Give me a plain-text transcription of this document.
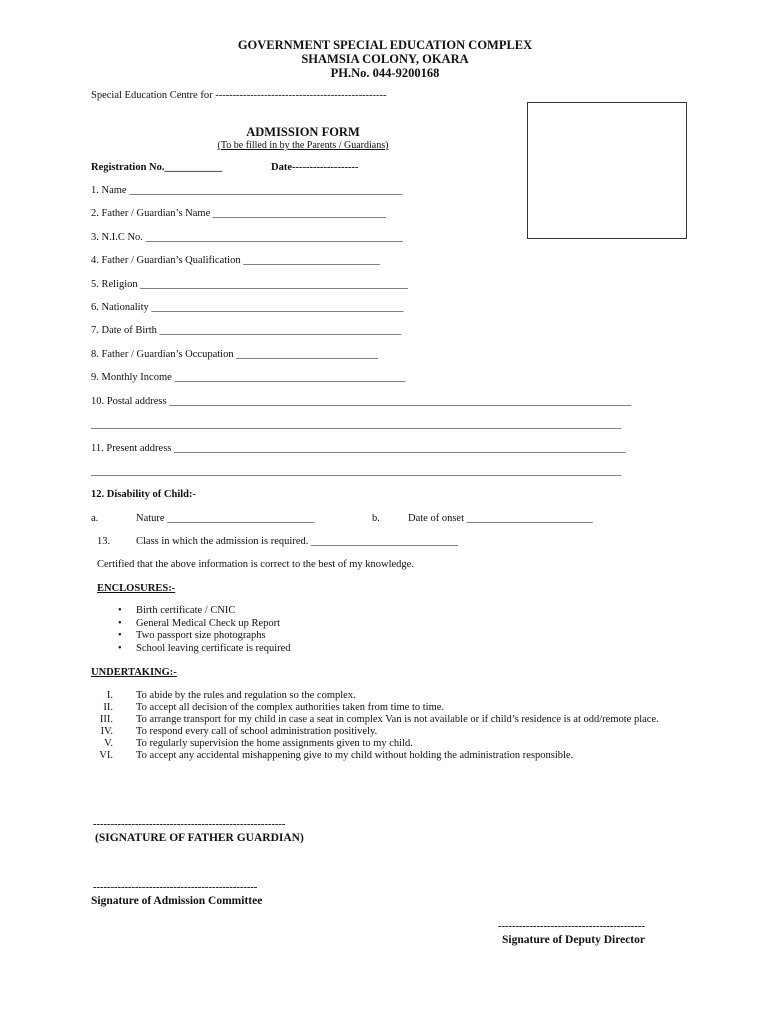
GOVERNMENT SPECIAL EDUCATION COMPLEX
SHAMSIA COLONY, OKARA
PH.No. 044-9200168
Special Education Centre for -------------------------------------------------
ADMISSION FORM
(To be filled in by the Parents / Guardians)
Registration No.___________	Date-------------------
1. Name ____________________________________________________
2. Father / Guardian’s Name _________________________________
3. N.I.C No. _________________________________________________
4. Father / Guardian’s Qualification __________________________
5. Religion ___________________________________________________
6. Nationality ________________________________________________
7. Date of Birth ______________________________________________
8. Father / Guardian’s Occupation ___________________________
9. Monthly Income ____________________________________________
10. Postal address ________________________________________________________________________________________
_____________________________________________________________________________________________________
11. Present address ______________________________________________________________________________________
_____________________________________________________________________________________________________
12. Disability of Child:-
a.	Nature ____________________________	b.	Date of onset ________________________
13. Class in which the admission is required. ____________________________
Certified that the above information is correct to the best of my knowledge.
ENCLOSURES:-
• Birth certificate / CNIC
• General Medical Check up Report
• Two passport size photographs
• School leaving certificate is required
UNDERTAKING:-
I.	To abide by the rules and regulation so the complex.
II.	To accept all decision of the complex authorities taken from time to time.
III.	To arrange transport for my child in case a seat in complex Van is not available or if child’s residence is at odd/remote place.
IV.	To respond every call of school administration positively.
V.	To regularly supervision the home assignments given to my child.
VI.	To accept any accidental mishappening give to my child without holding the administration responsible.
-------------------------------------------------------
(SIGNATURE OF FATHER GUARDIAN)
-----------------------------------------------
Signature of Admission Committee
------------------------------------------
Signature of Deputy Director
